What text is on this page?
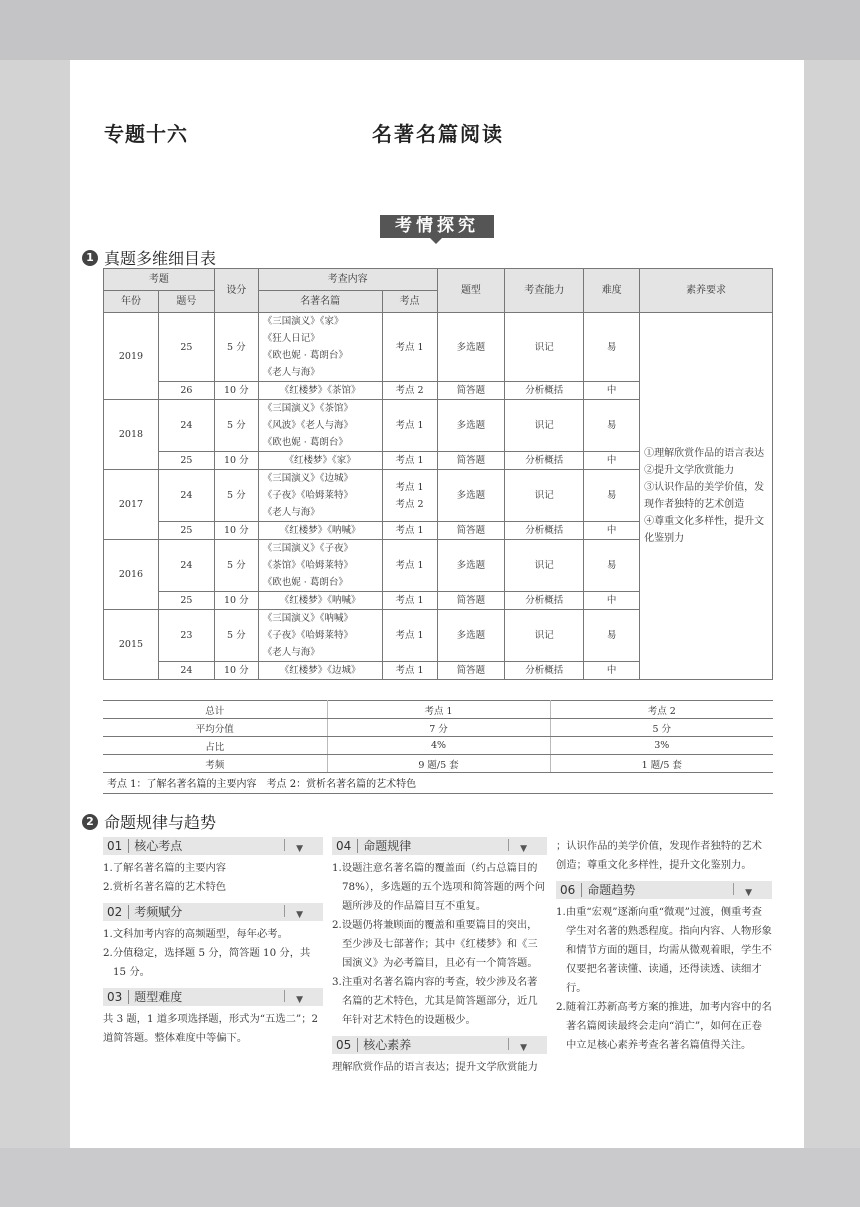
专题十六	名著名篇阅读
考情探究
1 真题多维细目表
考题		设分	考查内容		题型	考查能力	难度	素养要求
年份	题号		名著名篇	考点				
2019	25	5 分	《三国演义》《家》
《狂人日记》
《欧也妮 · 葛朗台》
《老人与海》	考点 1	多选题	识记	易	①理解欣赏作品的语言表达
②提升文学欣赏能力
③认识作品的美学价值，发现作者独特的艺术创造
④尊重文化多样性，提升文化鉴别力
	26	10 分	《红楼梦》《茶馆》	考点 2	简答题	分析概括	中	
2018	24	5 分	《三国演义》《茶馆》
《风波》《老人与海》
《欧也妮 · 葛朗台》	考点 1	多选题	识记	易	
	25	10 分	《红楼梦》《家》	考点 1	简答题	分析概括	中	
2017	24	5 分	《三国演义》《边城》
《子夜》《哈姆莱特》
《老人与海》	考点 1
考点 2	多选题	识记	易	
	25	10 分	《红楼梦》《呐喊》	考点 1	简答题	分析概括	中	
2016	24	5 分	《三国演义》《子夜》
《茶馆》《哈姆莱特》
《欧也妮 · 葛朗台》	考点 1	多选题	识记	易	
	25	10 分	《红楼梦》《呐喊》	考点 1	简答题	分析概括	中	
2015	23	5 分	《三国演义》《呐喊》
《子夜》《哈姆莱特》
《老人与海》	考点 1	多选题	识记	易	
	24	10 分	《红楼梦》《边城》	考点 1	简答题	分析概括	中	
总计	考点 1	考点 2
平均分值	7 分	5 分
占比	4%	3%
考频	9 题/5 套	1 题/5 套
考点 1：了解名著名篇的主要内容　考点 2：赏析名著名篇的艺术特色
2 命题规律与趋势
01	核心考点	▼
1.了解名著名篇的主要内容
2.赏析名著名篇的艺术特色
02	考频赋分	▼
1.文科加考内容的高频题型，每年必考。
2.分值稳定，选择题 5 分，简答题 10 分，共 15 分。
03	题型难度	▼
共 3 题，1 道多项选择题，形式为“五选二”；2 道简答题。整体难度中等偏下。
04	命题规律	▼
1.设题注意名著名篇的覆盖面（约占总篇目的 78%），多选题的五个选项和简答题的两个问题所涉及的作品篇目互不重复。
2.设题仍将兼顾面的覆盖和重要篇目的突出，至少涉及七部著作；其中《红楼梦》和《三国演义》为必考篇目，且必有一个简答题。
3.注重对名著名篇内容的考查，较少涉及名著名篇的艺术特色，尤其是简答题部分，近几年针对艺术特色的设题极少。
05	核心素养	▼
理解欣赏作品的语言表达；提升文学欣赏能力
；认识作品的美学价值，发现作者独特的艺术创造；尊重文化多样性，提升文化鉴别力。
06	命题趋势	▼
1.由重“宏观”逐渐向重“微观”过渡，侧重考查学生对名著的熟悉程度。指向内容、人物形象和情节方面的题目，均需从微观着眼，学生不仅要把名著读懂、读通，还得读透、读细才行。
2.随着江苏新高考方案的推进，加考内容中的名著名篇阅读最终会走向“消亡”，如何在正卷中立足核心素养考查名著名篇值得关注。
